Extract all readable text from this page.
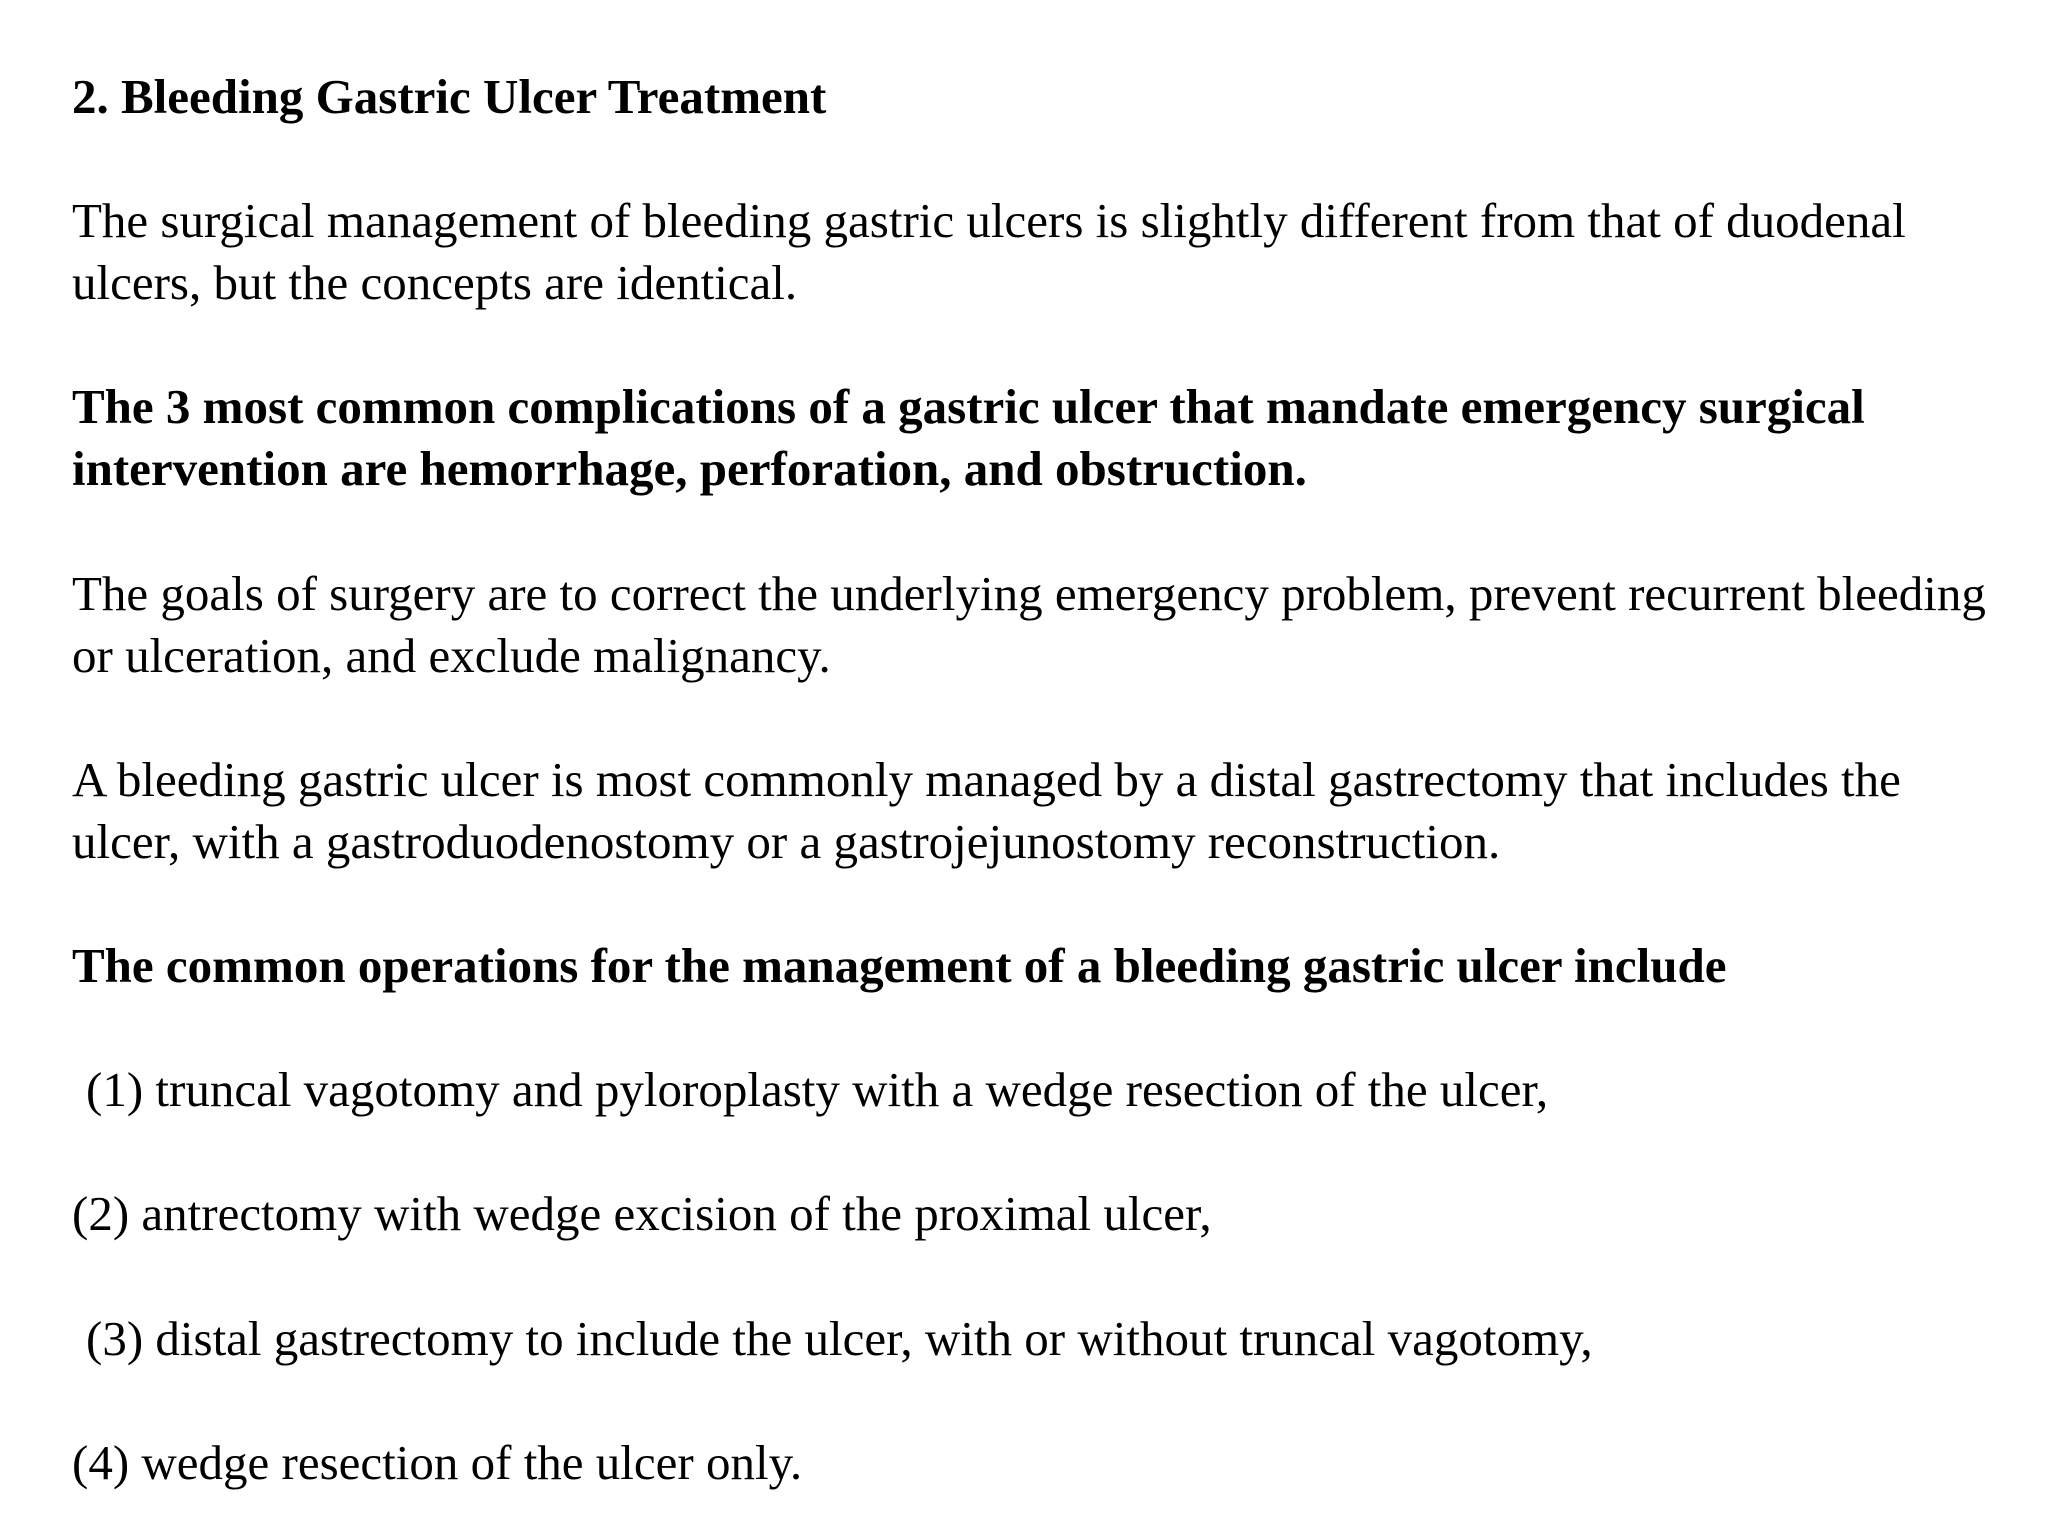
2. Bleeding Gastric Ulcer Treatment

The surgical management of bleeding gastric ulcers is slightly different from that of duodenal ulcers, but the concepts are identical.

The 3 most common complications of a gastric ulcer that mandate emergency surgical intervention are hemorrhage, perforation, and obstruction.

The goals of surgery are to correct the underlying emergency problem, prevent recurrent bleeding or ulceration, and exclude malignancy.

A bleeding gastric ulcer is most commonly managed by a distal gastrectomy that includes the ulcer, with a gastroduodenostomy or a gastrojejunostomy reconstruction.

The common operations for the management of a bleeding gastric ulcer include

(1) truncal vagotomy and pyloroplasty with a wedge resection of the ulcer,

(2) antrectomy with wedge excision of the proximal ulcer,

(3) distal gastrectomy to include the ulcer, with or without truncal vagotomy,

(4) wedge resection of the ulcer only.
